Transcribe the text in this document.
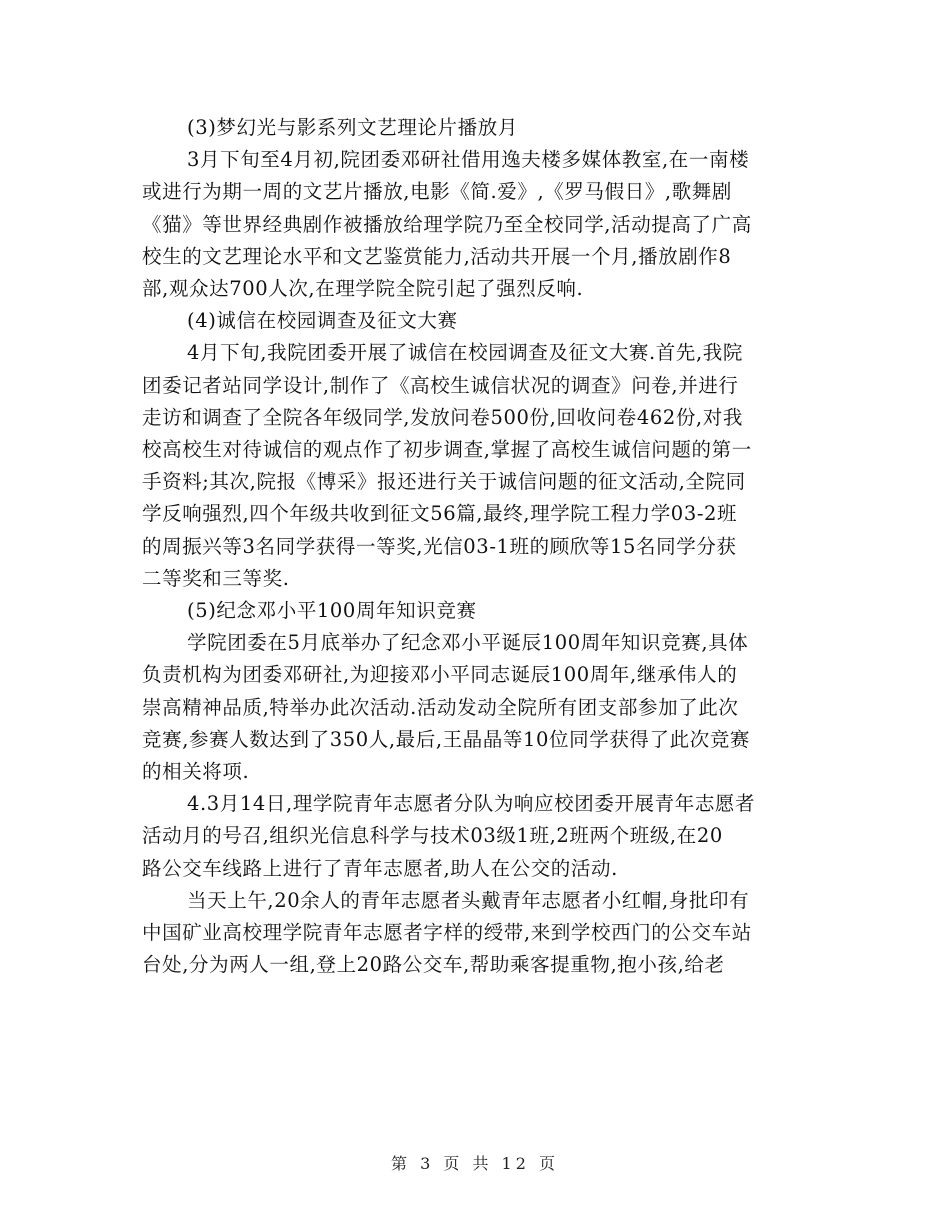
(3)梦幻光与影系列文艺理论片播放月

3月下旬至4月初,院团委邓研社借用逸夫楼多媒体教室,在一南楼
或进行为期一周的文艺片播放,电影《简.爱》,《罗马假日》,歌舞剧
《猫》等世界经典剧作被播放给理学院乃至全校同学,活动提高了广高
校生的文艺理论水平和文艺鉴赏能力,活动共开展一个月,播放剧作8
部,观众达700人次,在理学院全院引起了强烈反响.

(4)诚信在校园调查及征文大赛

4月下旬,我院团委开展了诚信在校园调查及征文大赛.首先,我院
团委记者站同学设计,制作了《高校生诚信状况的调查》问卷,并进行
走访和调查了全院各年级同学,发放问卷500份,回收问卷462份,对我
校高校生对待诚信的观点作了初步调查,掌握了高校生诚信问题的第一
手资料;其次,院报《博采》报还进行关于诚信问题的征文活动,全院同
学反响强烈,四个年级共收到征文56篇,最终,理学院工程力学03-2班
的周振兴等3名同学获得一等奖,光信03-1班的顾欣等15名同学分获
二等奖和三等奖.

(5)纪念邓小平100周年知识竞赛

学院团委在5月底举办了纪念邓小平诞辰100周年知识竞赛,具体
负责机构为团委邓研社,为迎接邓小平同志诞辰100周年,继承伟人的
崇高精神品质,特举办此次活动.活动发动全院所有团支部参加了此次
竞赛,参赛人数达到了350人,最后,王晶晶等10位同学获得了此次竞赛
的相关将项.

4.3月14日,理学院青年志愿者分队为响应校团委开展青年志愿者
活动月的号召,组织光信息科学与技术03级1班,2班两个班级,在20
路公交车线路上进行了青年志愿者,助人在公交的活动.

当天上午,20余人的青年志愿者头戴青年志愿者小红帽,身批印有
中国矿业高校理学院青年志愿者字样的绶带,来到学校西门的公交车站
台处,分为两人一组,登上20路公交车,帮助乘客提重物,抱小孩,给老

第 3 页 共 12 页
